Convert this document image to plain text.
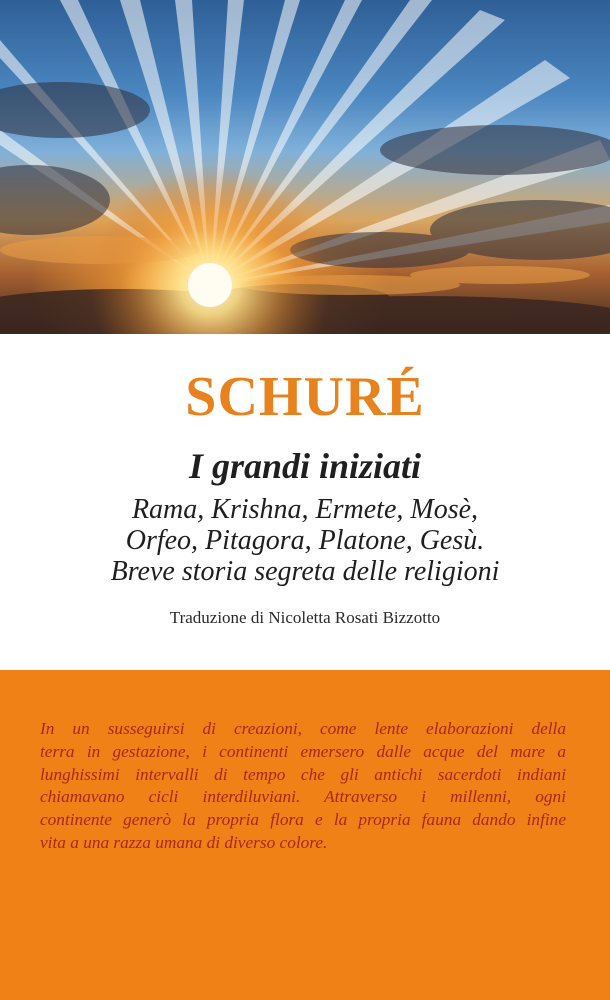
SCHURÉ
I grandi iniziati
Rama, Krishna, Ermete, Mosè,
Orfeo, Pitagora, Platone, Gesù.
Breve storia segreta delle religioni
Traduzione di Nicoletta Rosati Bizzotto
In un susseguirsi di creazioni, come lente elaborazioni della
terra in gestazione, i continenti emersero dalle acque del mare a
lunghissimi intervalli di tempo che gli antichi sacerdoti indiani
chiamavano cicli interdiluviani. Attraverso i millenni, ogni
continente generò la propria flora e la propria fauna dando infine
vita a una razza umana di diverso colore.
